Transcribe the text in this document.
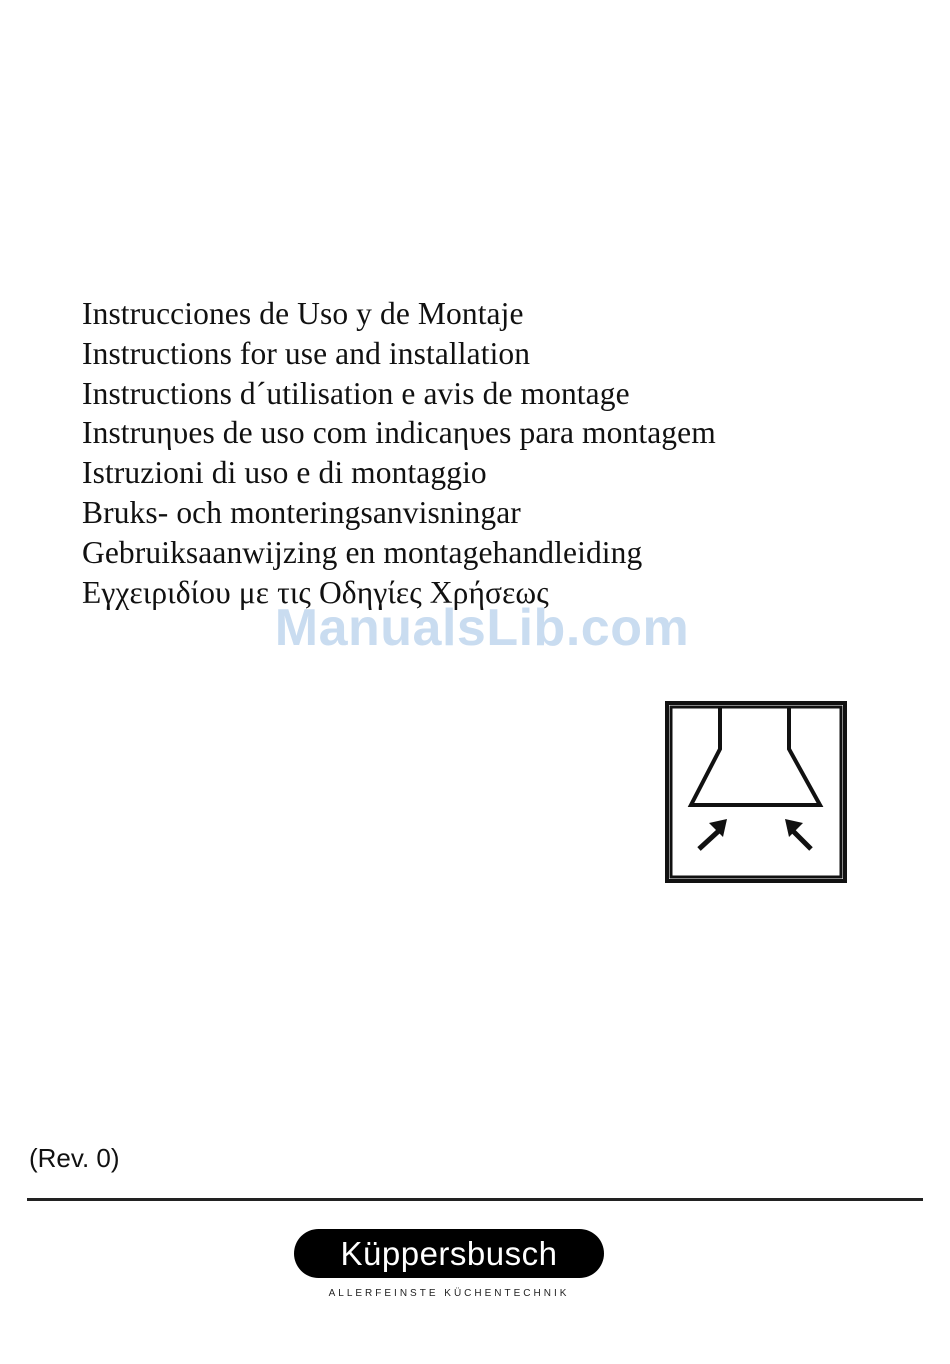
Instrucciones de Uso y de Montaje
Instructions for use and installation
Instructions d´utilisation e avis de montage
Instruηυes de uso com indicaηυes para montagem
Istruzioni di uso e di montaggio
Bruks- och monteringsanvisningar
Gebruiksaanwijzing en montagehandleiding
Εγχειριδίου με τις Οδηγίες Χρήσεως
ManualsLib.com
(Rev. 0)
Küppersbusch
ALLERFEINSTE KÜCHENTECHNIK
